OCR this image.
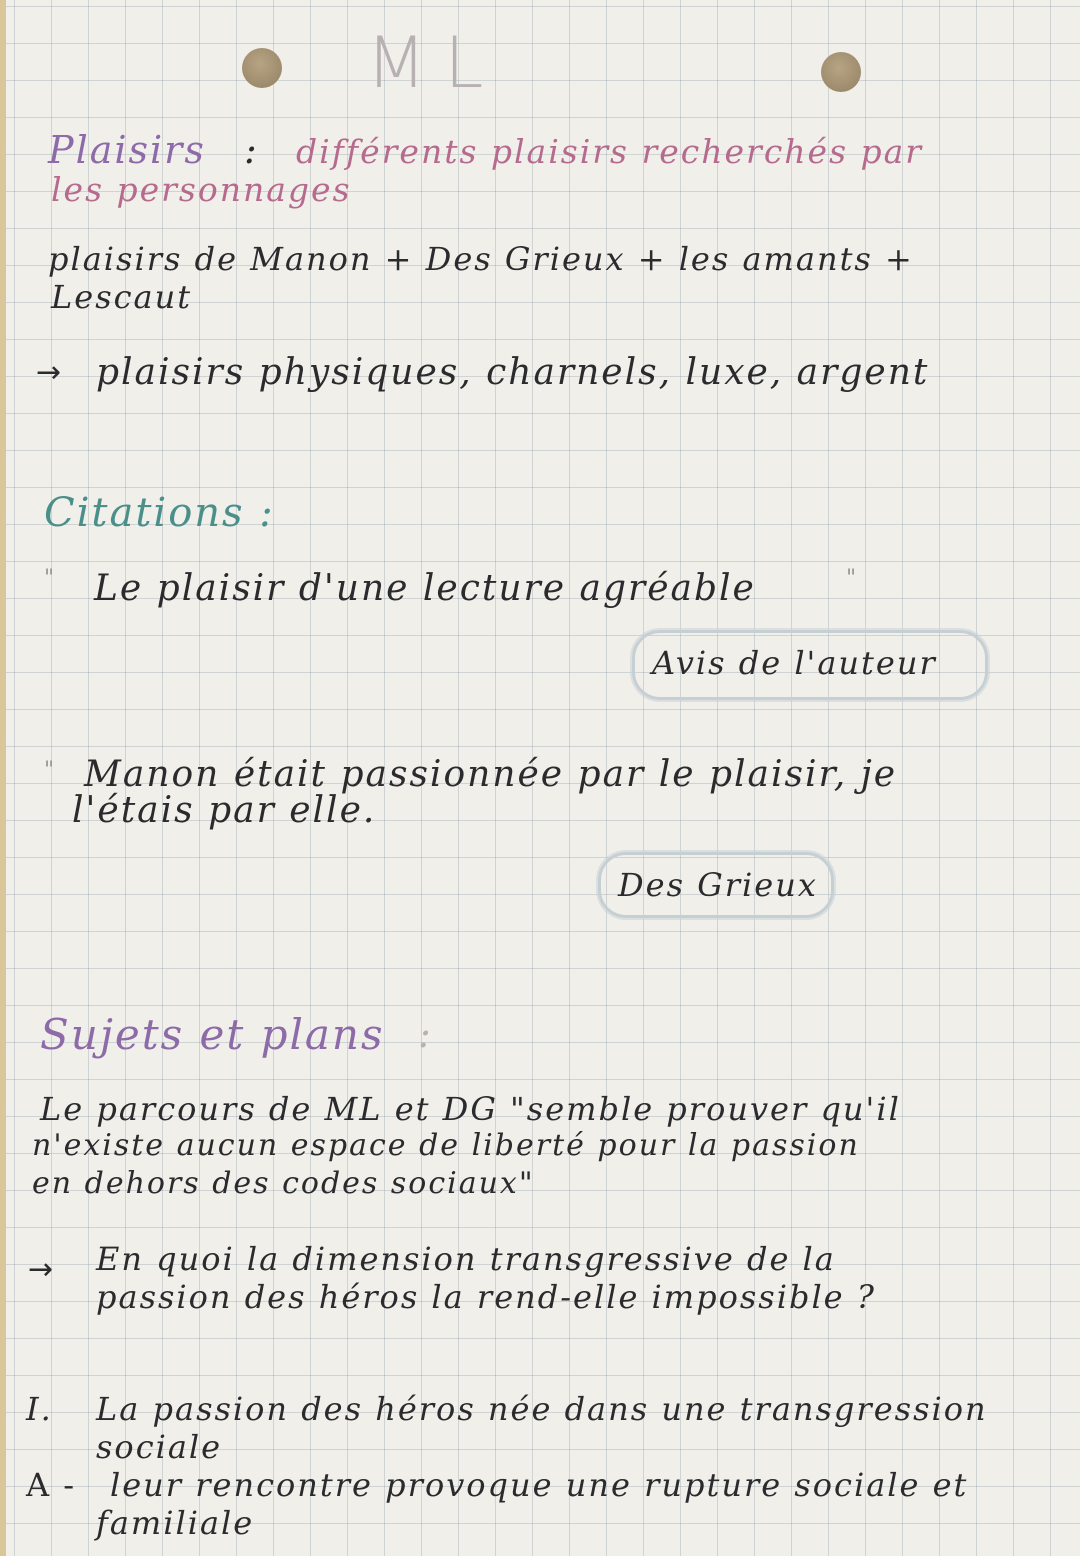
ML
Plaisirs : différents plaisirs recherchés par
les personnages
plaisirs de Manon + Des Grieux + les amants +
Lescaut
→ plaisirs physiques, charnels, luxe, argent
Citations :
" Le plaisir d'une lecture agréable	"
Avis de l'auteur
" Manon était passionnée par le plaisir, je
l'étais par elle.
Des Grieux
Sujets et plans :
Le parcours de ML et DG "semble prouver qu'il
n'existe aucun espace de liberté pour la passion
en dehors des codes sociaux"
→ En quoi la dimension transgressive de la
passion des héros la rend-elle impossible ?
I. La passion des héros née dans une transgression
sociale
A - leur rencontre provoque une rupture sociale et
familiale
